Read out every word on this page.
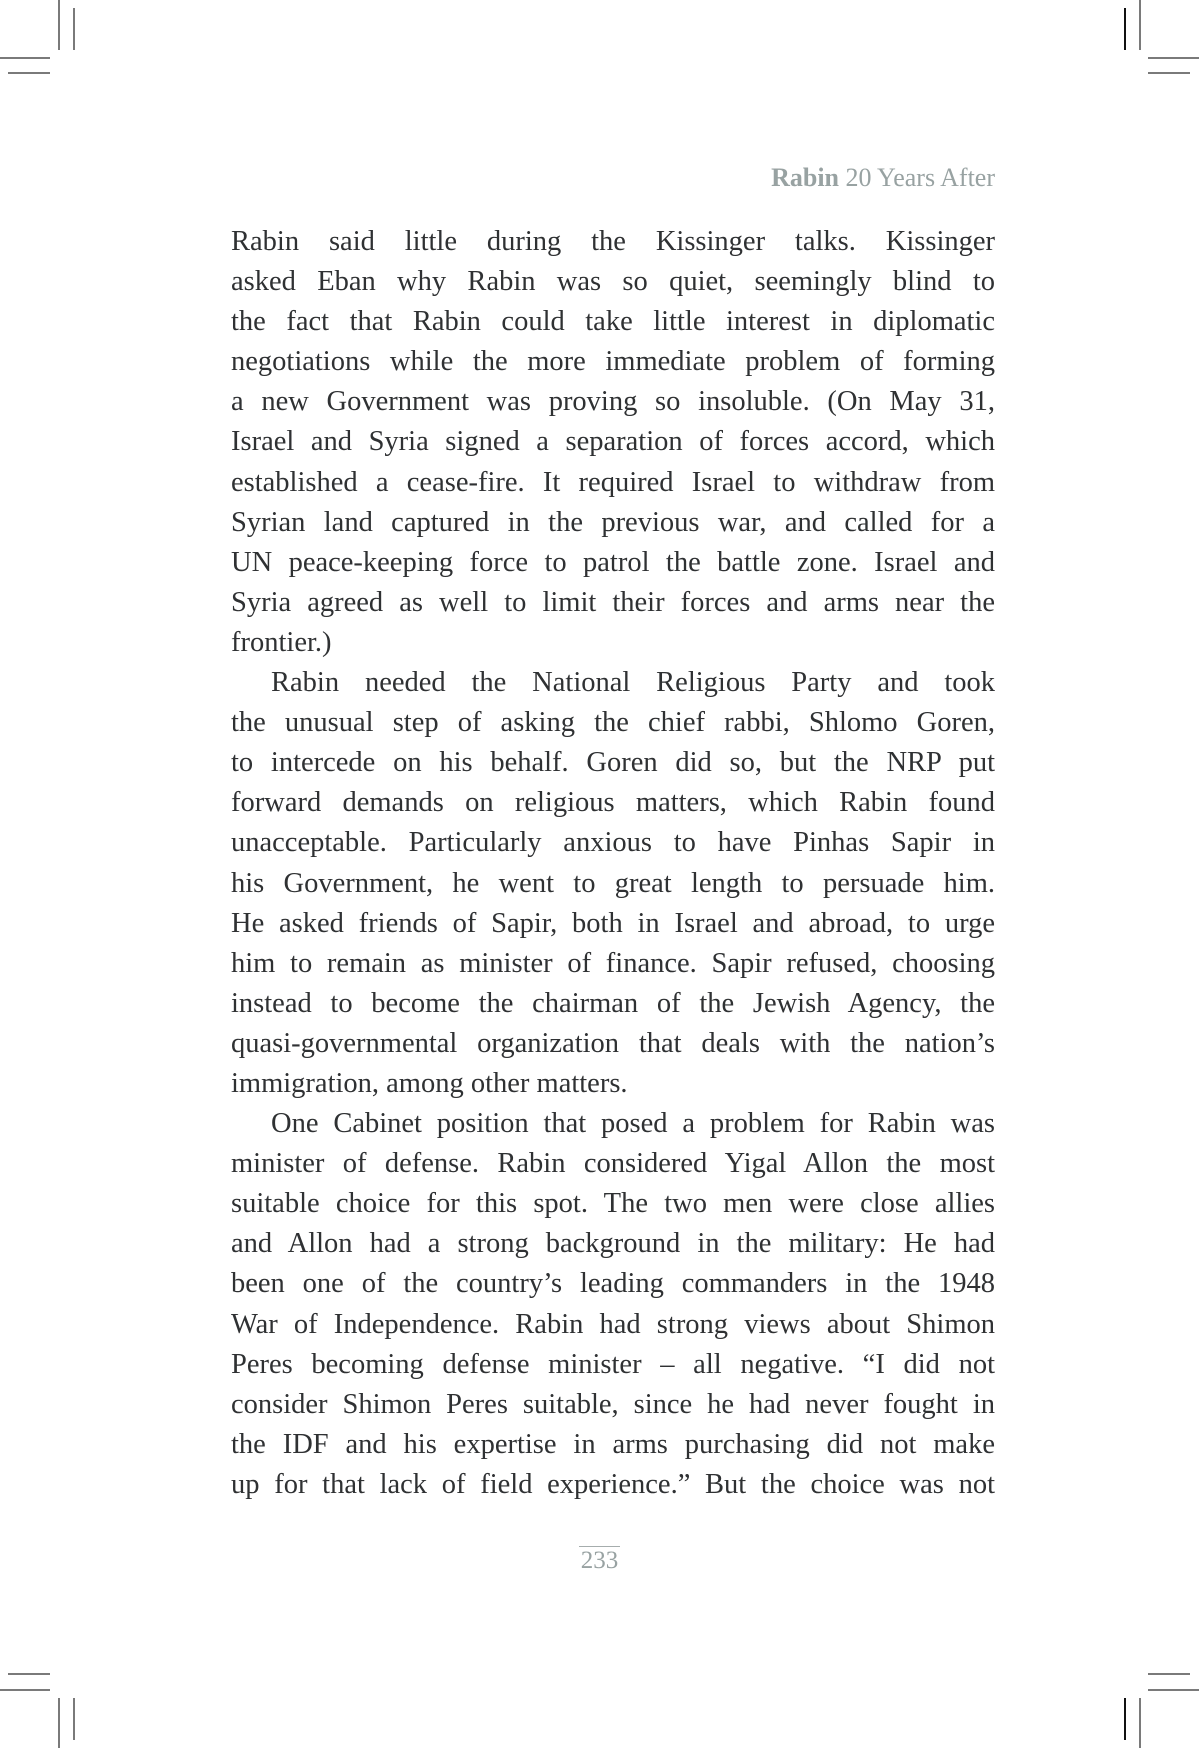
Rabin 20 Years After
Rabin said little during the Kissinger talks. Kissinger
asked Eban why Rabin was so quiet, seemingly blind to
the fact that Rabin could take little interest in diplomatic
negotiations while the more immediate problem of forming
a new Government was proving so insoluble. (On May 31,
Israel and Syria signed a separation of forces accord, which
established a cease-fire. It required Israel to withdraw from
Syrian land captured in the previous war, and called for a
UN peace-keeping force to patrol the battle zone. Israel and
Syria agreed as well to limit their forces and arms near the
frontier.)
Rabin needed the National Religious Party and took
the unusual step of asking the chief rabbi, Shlomo Goren,
to intercede on his behalf. Goren did so, but the NRP put
forward demands on religious matters, which Rabin found
unacceptable. Particularly anxious to have Pinhas Sapir in
his Government, he went to great length to persuade him.
He asked friends of Sapir, both in Israel and abroad, to urge
him to remain as minister of finance. Sapir refused, choosing
instead to become the chairman of the Jewish Agency, the
quasi-governmental organization that deals with the nation’s
immigration, among other matters.
One Cabinet position that posed a problem for Rabin was
minister of defense. Rabin considered Yigal Allon the most
suitable choice for this spot. The two men were close allies
and Allon had a strong background in the military: He had
been one of the country’s leading commanders in the 1948
War of Independence. Rabin had strong views about Shimon
Peres becoming defense minister – all negative. “I did not
consider Shimon Peres suitable, since he had never fought in
the IDF and his expertise in arms purchasing did not make
up for that lack of field experience.” But the choice was not
233
